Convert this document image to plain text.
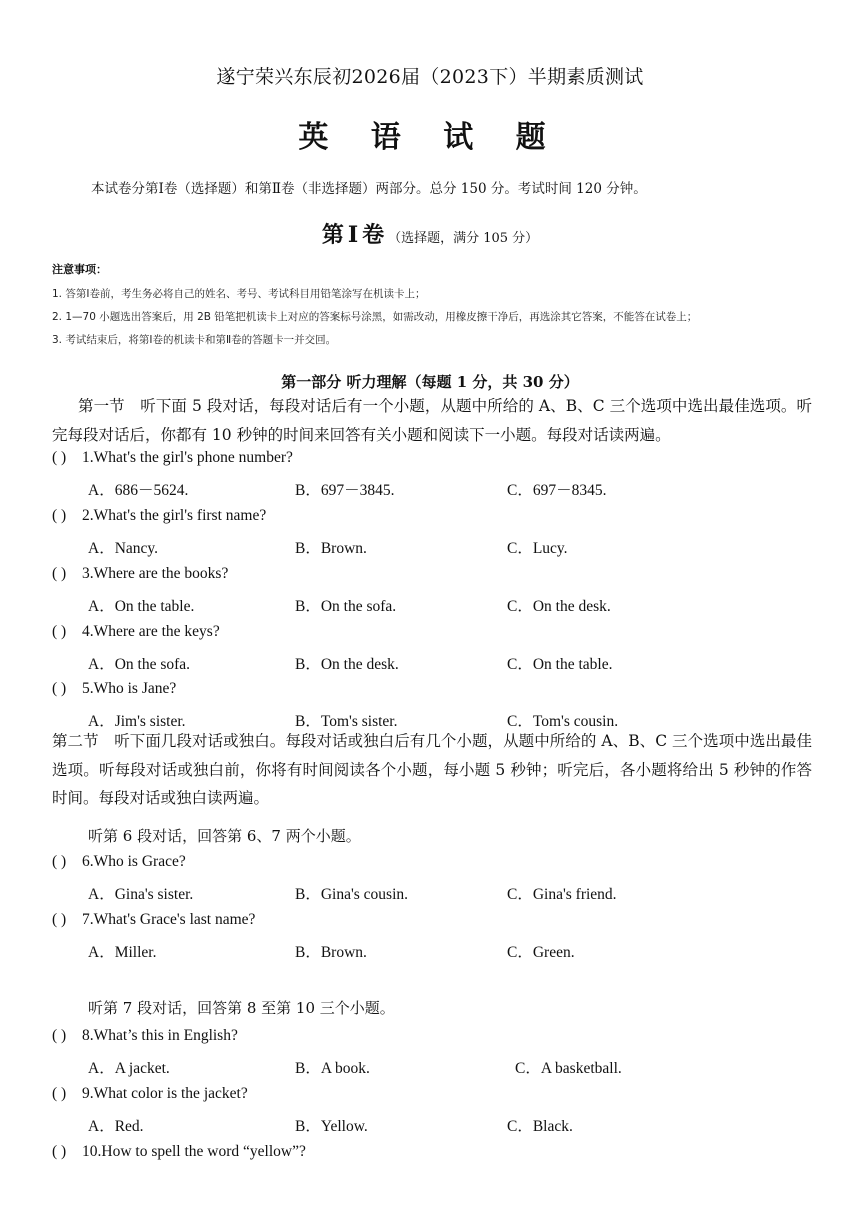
遂宁荣兴东辰初2026届（2023下）半期素质测试
英 语 试 题
本试卷分第Ⅰ卷（选择题）和第Ⅱ卷（非选择题）两部分。总分 150 分。考试时间 120 分钟。
第Ⅰ卷（选择题，满分 105 分）
注意事项：
1. 答第Ⅰ卷前，考生务必将自己的姓名、考号、考试科目用铅笔涂写在机读卡上；
2. 1—70 小题选出答案后，用 2B 铅笔把机读卡上对应的答案标号涂黑，如需改动，用橡皮擦干净后，再选涂其它答案，不能答在试卷上；
3. 考试结束后，将第Ⅰ卷的机读卡和第Ⅱ卷的答题卡一并交回。
第一部分 听力理解（每题 1 分，共 30 分）
第一节　听下面 5 段对话，每段对话后有一个小题，从题中所给的 A、B、C 三个选项中选出最佳选项。听完每段对话后，你都有 10 秒钟的时间来回答有关小题和阅读下一小题。每段对话读两遍。
( ) 1.What's the girl's phone number?
A．686－5624.	B．697－3845.	C．697－8345.
( ) 2.What's the girl's first name?
A．Nancy.	B．Brown.	C．Lucy.
( ) 3.Where are the books?
A．On the table.	B．On the sofa.	C．On the desk.
( ) 4.Where are the keys?
A．On the sofa.	B．On the desk.	C．On the table.
( ) 5.Who is Jane?
A．Jim's sister.	B．Tom's sister.	C．Tom's cousin.
第二节　听下面几段对话或独白。每段对话或独白后有几个小题，从题中所给的 A、B、C 三个选项中选出最佳选项。听每段对话或独白前，你将有时间阅读各个小题，每小题 5 秒钟；听完后，各小题将给出 5 秒钟的作答时间。每段对话或独白读两遍。
听第 6 段对话，回答第 6、7 两个小题。
( ) 6.Who is Grace?
A．Gina's sister.	B．Gina's cousin.	C．Gina's friend.
( ) 7.What's Grace's last name?
A．Miller.	B．Brown.	C．Green.
听第 7 段对话，回答第 8 至第 10 三个小题。
( ) 8.What’s this in English?
A．A jacket.	B．A book.	C．A basketball.
( ) 9.What color is the jacket?
A．Red.	B．Yellow.	C．Black.
( ) 10.How to spell the word “yellow”?
